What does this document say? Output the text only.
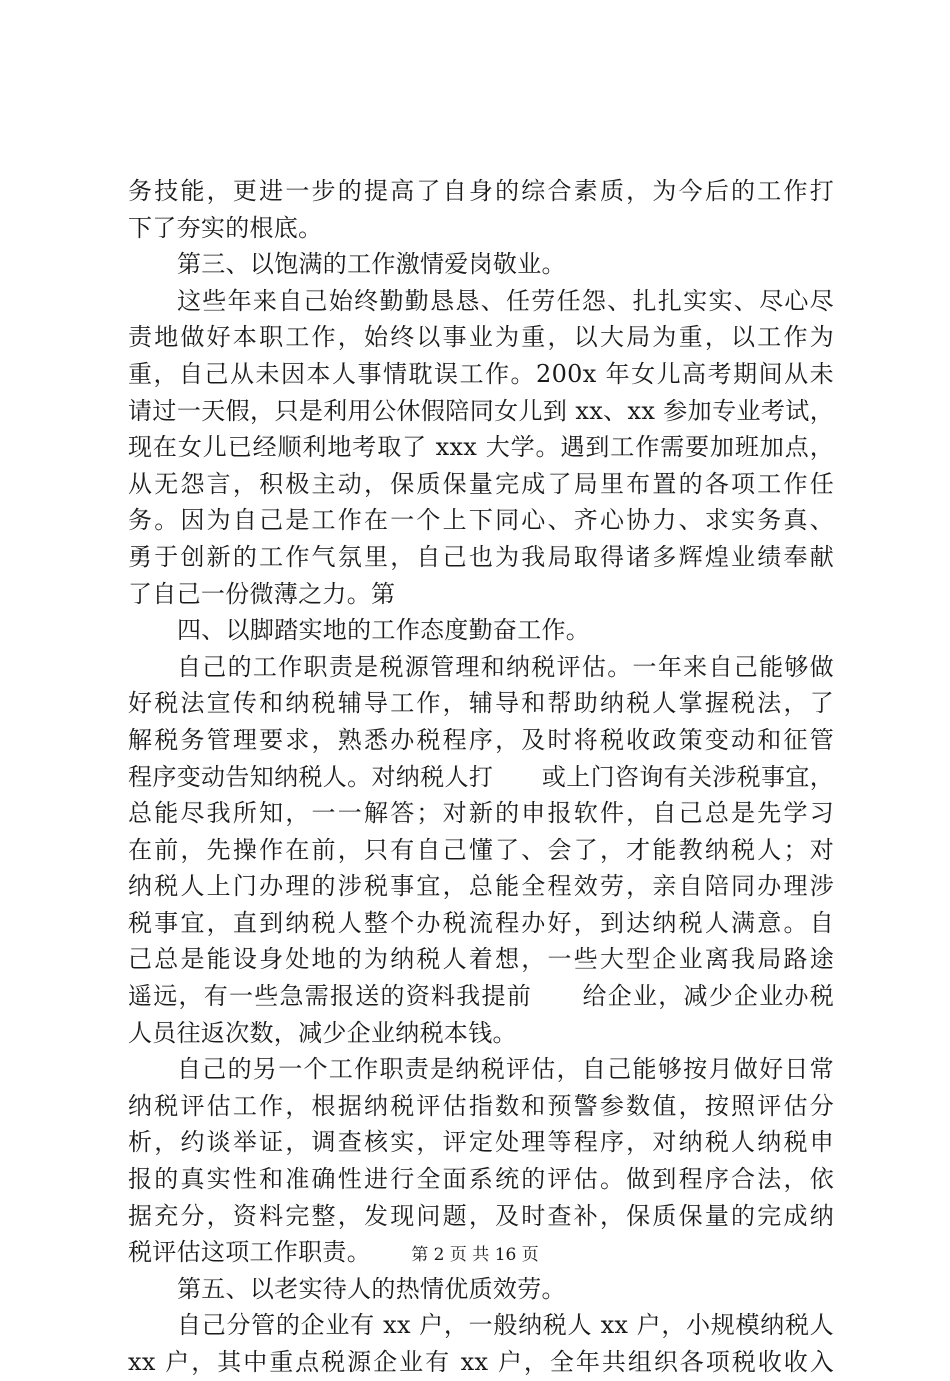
务技能，更进一步的提高了自身的综合素质，为今后的工作打
下了夯实的根底。
第三、以饱满的工作激情爱岗敬业。
这些年来自己始终勤勤恳恳、任劳任怨、扎扎实实、尽心尽
责地做好本职工作，始终以事业为重，以大局为重，以工作为
重，自己从未因本人事情耽误工作。200x 年女儿高考期间从未
请过一天假，只是利用公休假陪同女儿到 xx、xx 参加专业考试，
现在女儿已经顺利地考取了 xxx 大学。遇到工作需要加班加点，
从无怨言，积极主动，保质保量完成了局里布置的各项工作任
务。因为自己是工作在一个上下同心、齐心协力、求实务真、
勇于创新的工作气氛里，自己也为我局取得诸多辉煌业绩奉献
了自己一份微薄之力。第
四、以脚踏实地的工作态度勤奋工作。
自己的工作职责是税源管理和纳税评估。一年来自己能够做
好税法宣传和纳税辅导工作，辅导和帮助纳税人掌握税法，了
解税务管理要求，熟悉办税程序，及时将税收政策变动和征管
程序变动告知纳税人。对纳税人打　　或上门咨询有关涉税事宜，
总能尽我所知，一一解答；对新的申报软件，自己总是先学习
在前，先操作在前，只有自己懂了、会了，才能教纳税人；对
纳税人上门办理的涉税事宜，总能全程效劳，亲自陪同办理涉
税事宜，直到纳税人整个办税流程办好，到达纳税人满意。自
己总是能设身处地的为纳税人着想，一些大型企业离我局路途
遥远，有一些急需报送的资料我提前　　给企业，减少企业办税
人员往返次数，减少企业纳税本钱。
自己的另一个工作职责是纳税评估，自己能够按月做好日常
纳税评估工作，根据纳税评估指数和预警参数值，按照评估分
析，约谈举证，调查核实，评定处理等程序，对纳税人纳税申
报的真实性和准确性进行全面系统的评估。做到程序合法，依
据充分，资料完整，发现问题，及时查补，保质保量的完成纳
税评估这项工作职责。
第五、以老实待人的热情优质效劳。
自己分管的企业有 xx 户，一般纳税人 xx 户，小规模纳税人
xx 户，其中重点税源企业有 xx 户，全年共组织各项税收收入
第 2 页 共 16 页
